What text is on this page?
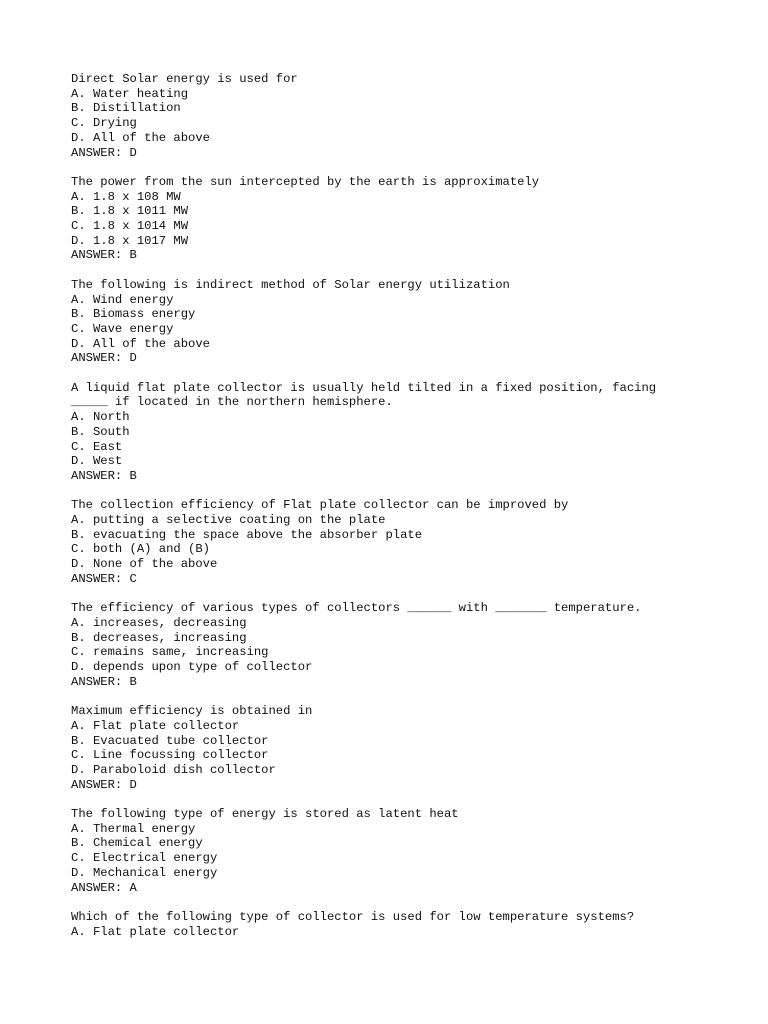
Direct Solar energy is used for
A. Water heating
B. Distillation
C. Drying
D. All of the above
ANSWER: D
The power from the sun intercepted by the earth is approximately
A. 1.8 x 108 MW
B. 1.8 x 1011 MW
C. 1.8 x 1014 MW
D. 1.8 x 1017 MW
ANSWER: B
The following is indirect method of Solar energy utilization
A. Wind energy
B. Biomass energy
C. Wave energy
D. All of the above
ANSWER: D
A liquid flat plate collector is usually held tilted in a fixed position, facing
_____ if located in the northern hemisphere.
A. North
B. South
C. East
D. West
ANSWER: B
The collection efficiency of Flat plate collector can be improved by
A. putting a selective coating on the plate
B. evacuating the space above the absorber plate
C. both (A) and (B)
D. None of the above
ANSWER: C
The efficiency of various types of collectors ______ with _______ temperature.
A. increases, decreasing
B. decreases, increasing
C. remains same, increasing
D. depends upon type of collector
ANSWER: B
Maximum efficiency is obtained in
A. Flat plate collector
B. Evacuated tube collector
C. Line focussing collector
D. Paraboloid dish collector
ANSWER: D
The following type of energy is stored as latent heat
A. Thermal energy
B. Chemical energy
C. Electrical energy
D. Mechanical energy
ANSWER: A
Which of the following type of collector is used for low temperature systems?
A. Flat plate collector
